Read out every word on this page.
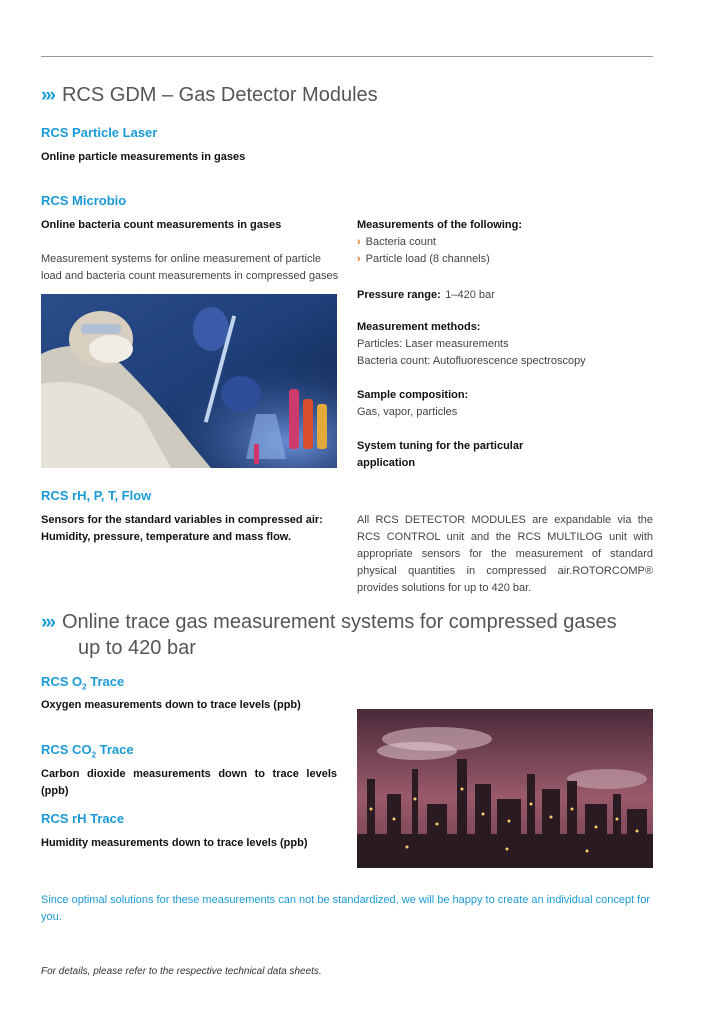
››› RCS GDM – Gas Detector Modules
RCS Particle Laser
Online particle measurements in gases
RCS Microbio
Online bacteria count measurements in gases
Measurement systems for online measurement of particle load and bacteria count measurements in compressed gases
Measurements of the following:
› Bacteria count
› Particle load (8 channels)
Pressure range: 1–420 bar
Measurement methods:
Particles: Laser measurements
Bacteria count: Autofluorescence spectroscopy
Sample composition:
Gas, vapor, particles
System tuning for the particular application
RCS rH, P, T, Flow
Sensors for the standard variables in compressed air: Humidity, pressure, temperature and mass flow.
All RCS DETECTOR MODULES are expandable via the RCS CONTROL unit and the RCS MULTILOG unit with appropriate sensors for the measurement of standard physical quantities in compressed air.ROTORCOMP® provides solutions for up to 420 bar.
››› Online trace gas measurement systems for compressed gases
up to 420 bar
RCS $O_2$ Trace
Oxygen measurements down to trace levels (ppb)
RCS $CO_2$ Trace
Carbon dioxide measurements down to trace levels (ppb)
RCS rH Trace
Humidity measurements down to trace levels (ppb)
Since optimal solutions for these measurements can not be standardized, we will be happy to create an individual concept for you.
For details, please refer to the respective technical data sheets.
